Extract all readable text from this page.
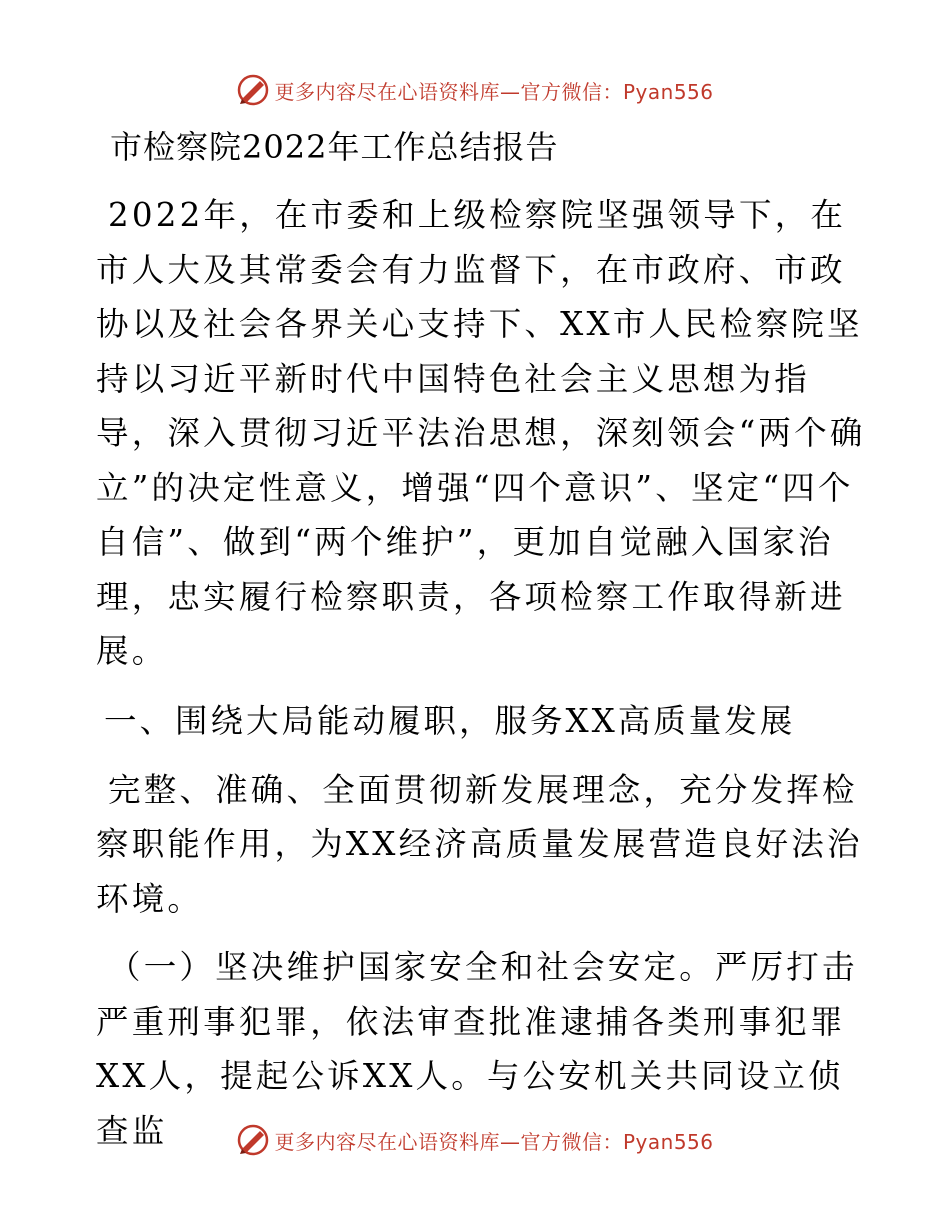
更多内容尽在心语资料库—官方微信：Pyan556
市检察院2022年工作总结报告

2022年，在市委和上级检察院坚强领导下，在市人大及其常委会有力监督下，在市政府、市政协以及社会各界关心支持下、XX市人民检察院坚持以习近平新时代中国特色社会主义思想为指导，深入贯彻习近平法治思想，深刻领会“两个确立”的决定性意义，增强“四个意识”、坚定“四个自信”、做到“两个维护”，更加自觉融入国家治理，忠实履行检察职责，各项检察工作取得新进展。

一、围绕大局能动履职，服务XX高质量发展

完整、准确、全面贯彻新发展理念，充分发挥检察职能作用，为XX经济高质量发展营造良好法治环境。

（一）坚决维护国家安全和社会安定。严厉打击严重刑事犯罪，依法审查批准逮捕各类刑事犯罪XX人，提起公诉XX人。与公安机关共同设立侦查监	更多内容尽在心语资料库—官方微信：Pyan556
